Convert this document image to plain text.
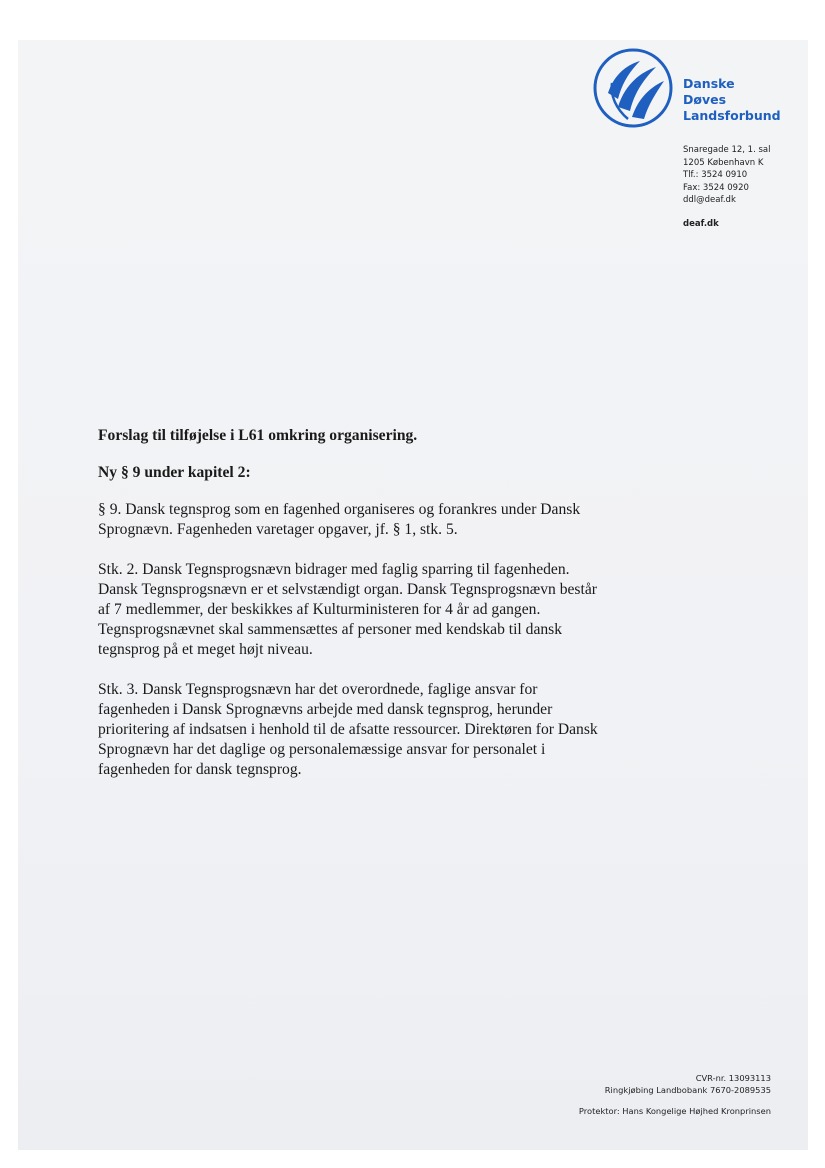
Danske
Døves
Landsforbund
Snaregade 12, 1. sal
1205 København K
Tlf.: 3524 0910
Fax: 3524 0920
ddl@deaf.dk
deaf.dk
Forslag til tilføjelse i L61 omkring organisering.
Ny § 9 under kapitel 2:

§ 9. Dansk tegnsprog som en fagenhed organiseres og forankres under Dansk Sprognævn. Fagenheden varetager opgaver, jf. § 1, stk. 5.

Stk. 2. Dansk Tegnsprogsnævn bidrager med faglig sparring til fagenheden. Dansk Tegnsprogsnævn er et selvstændigt organ. Dansk Tegnsprogsnævn består af 7 medlemmer, der beskikkes af Kulturministeren for 4 år ad gangen. Tegnsprogsnævnet skal sammensættes af personer med kendskab til dansk tegnsprog på et meget højt niveau.

Stk. 3. Dansk Tegnsprogsnævn har det overordnede, faglige ansvar for fagenheden i Dansk Sprognævns arbejde med dansk tegnsprog, herunder prioritering af indsatsen i henhold til de afsatte ressourcer. Direktøren for Dansk Sprognævn har det daglige og personalemæssige ansvar for personalet i fagenheden for dansk tegnsprog.

CVR-nr. 13093113
Ringkjøbing Landbobank 7670-2089535
Protektor: Hans Kongelige Højhed Kronprinsen
